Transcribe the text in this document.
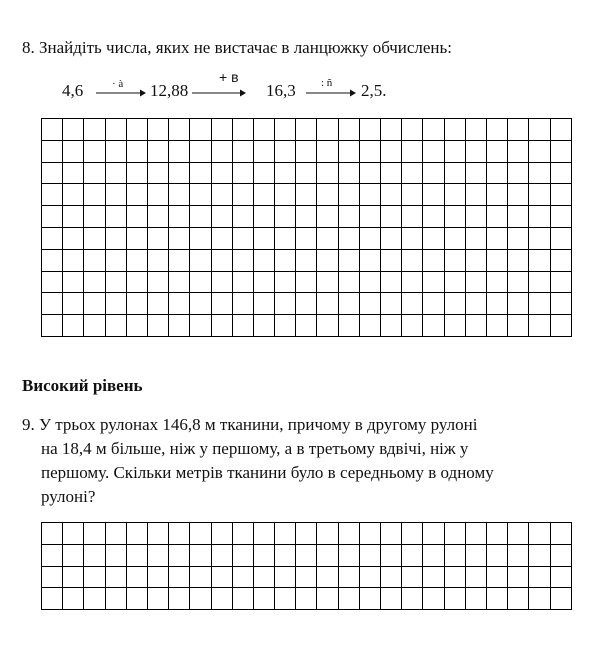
8. Знайдіть числа, яких не вистачає в ланцюжку обчислень:
4,6	· à 12,88
+ в
16,3 : ñ 2,5.
Високий рівень
9. У трьох рулонах 146,8 м тканини, причому в другому рулоні
на 18,4 м більше, ніж у першому, а в третьому вдвічі, ніж у
першому. Скільки метрів тканини було в середньому в одному
рулоні?
